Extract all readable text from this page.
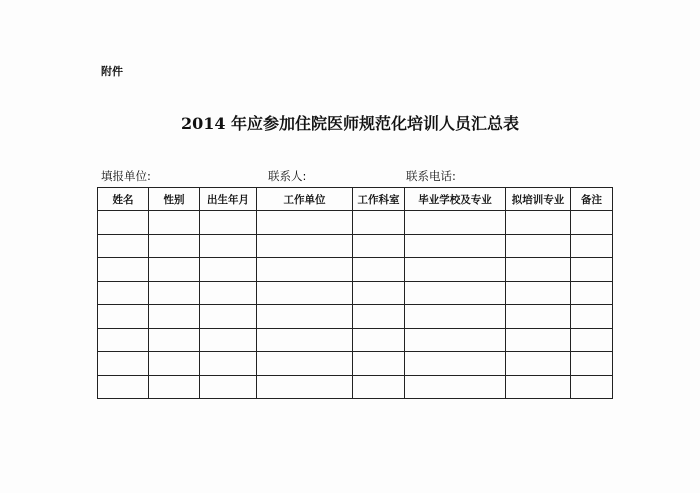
附件
2014 年应参加住院医师规范化培训人员汇总表
填报单位:	联系人:	联系电话:
姓名	性别	出生年月	工作单位	工作科室	毕业学校及专业	拟培训专业	备注
